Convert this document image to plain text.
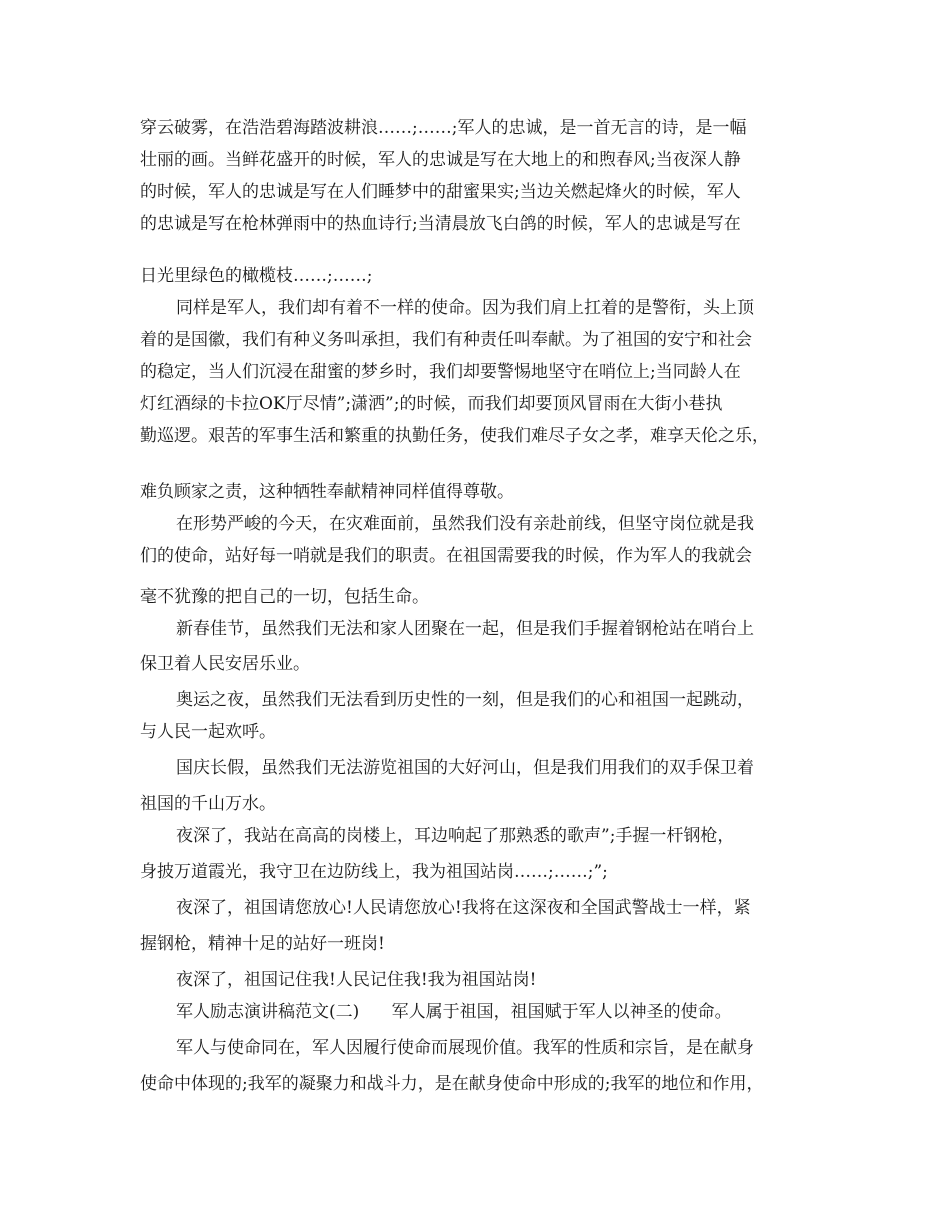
穿云破雾，在浩浩碧海踏波耕浪……;……;军人的忠诚，是一首无言的诗，是一幅

壮丽的画。当鲜花盛开的时候，军人的忠诚是写在大地上的和煦春风;当夜深人静

的时候，军人的忠诚是写在人们睡梦中的甜蜜果实;当边关燃起烽火的时候，军人

的忠诚是写在枪林弹雨中的热血诗行;当清晨放飞白鸽的时候，军人的忠诚是写在

日光里绿色的橄榄枝……;……;

同样是军人，我们却有着不一样的使命。因为我们肩上扛着的是警衔，头上顶

着的是国徽，我们有种义务叫承担，我们有种责任叫奉献。为了祖国的安宁和社会

的稳定，当人们沉浸在甜蜜的梦乡时，我们却要警惕地坚守在哨位上;当同龄人在

灯红酒绿的卡拉OK厅尽情”;潇洒”;的时候，而我们却要顶风冒雨在大街小巷执

勤巡逻。艰苦的军事生活和繁重的执勤任务，使我们难尽子女之孝，难享天伦之乐，

难负顾家之责，这种牺牲奉献精神同样值得尊敬。

在形势严峻的今天，在灾难面前，虽然我们没有亲赴前线，但坚守岗位就是我

们的使命，站好每一哨就是我们的职责。在祖国需要我的时候，作为军人的我就会

毫不犹豫的把自己的一切，包括生命。

新春佳节，虽然我们无法和家人团聚在一起，但是我们手握着钢枪站在哨台上

保卫着人民安居乐业。

奥运之夜，虽然我们无法看到历史性的一刻，但是我们的心和祖国一起跳动，

与人民一起欢呼。

国庆长假，虽然我们无法游览祖国的大好河山，但是我们用我们的双手保卫着

祖国的千山万水。

夜深了，我站在高高的岗楼上，耳边响起了那熟悉的歌声”;手握一杆钢枪，

身披万道霞光，我守卫在边防线上，我为祖国站岗……;……;”;

夜深了，祖国请您放心!人民请您放心!我将在这深夜和全国武警战士一样，紧

握钢枪，精神十足的站好一班岗!

夜深了，祖国记住我!人民记住我!我为祖国站岗!

军人励志演讲稿范文(二)      军人属于祖国，祖国赋于军人以神圣的使命。

军人与使命同在，军人因履行使命而展现价值。我军的性质和宗旨，是在献身

使命中体现的;我军的凝聚力和战斗力，是在献身使命中形成的;我军的地位和作用，
